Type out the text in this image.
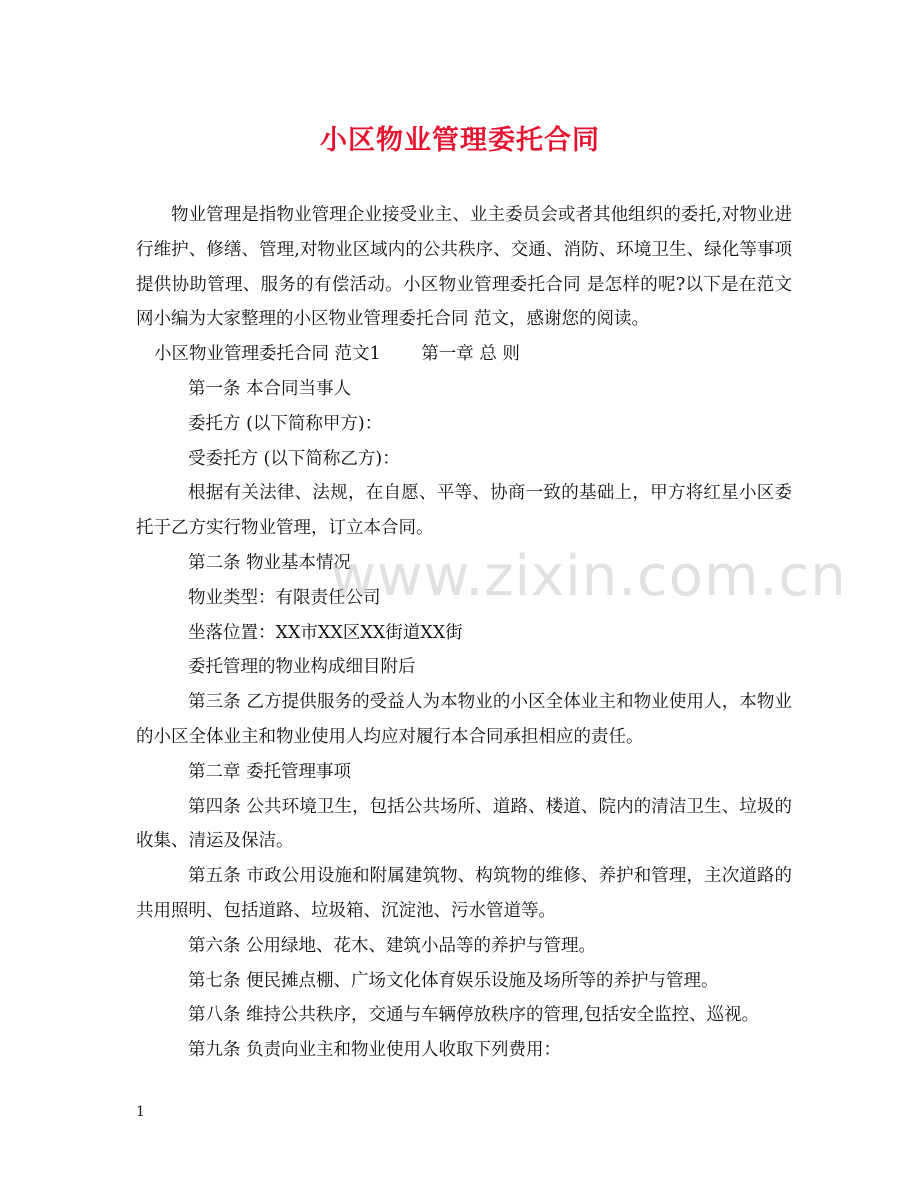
小区物业管理委托合同

物业管理是指物业管理企业接受业主、业主委员会或者其他组织的委托,对物业进行维护、修缮、管理,对物业区域内的公共秩序、交通、消防、环境卫生、绿化等事项提供协助管理、服务的有偿活动。小区物业管理委托合同 是怎样的呢?以下是在范文网小编为大家整理的小区物业管理委托合同 范文，感谢您的阅读。

小区物业管理委托合同 范文1　　 第一章 总 则

第一条 本合同当事人

委托方 (以下简称甲方)：

受委托方 (以下简称乙方)：

根据有关法律、法规，在自愿、平等、协商一致的基础上，甲方将红星小区委托于乙方实行物业管理，订立本合同。

第二条 物业基本情况

物业类型：有限责任公司

坐落位置：XX市XX区XX街道XX街

委托管理的物业构成细目附后

第三条 乙方提供服务的受益人为本物业的小区全体业主和物业使用人，本物业的小区全体业主和物业使用人均应对履行本合同承担相应的责任。

第二章 委托管理事项

第四条 公共环境卫生，包括公共场所、道路、楼道、院内的清洁卫生、垃圾的收集、清运及保洁。

第五条 市政公用设施和附属建筑物、构筑物的维修、养护和管理，主次道路的共用照明、包括道路、垃圾箱、沉淀池、污水管道等。

第六条 公用绿地、花木、建筑小品等的养护与管理。

第七条 便民摊点棚、广场文化体育娱乐设施及场所等的养护与管理。

第八条 维持公共秩序，交通与车辆停放秩序的管理,包括安全监控、巡视。

第九条 负责向业主和物业使用人收取下列费用：

www.zixin.com.cn
1
